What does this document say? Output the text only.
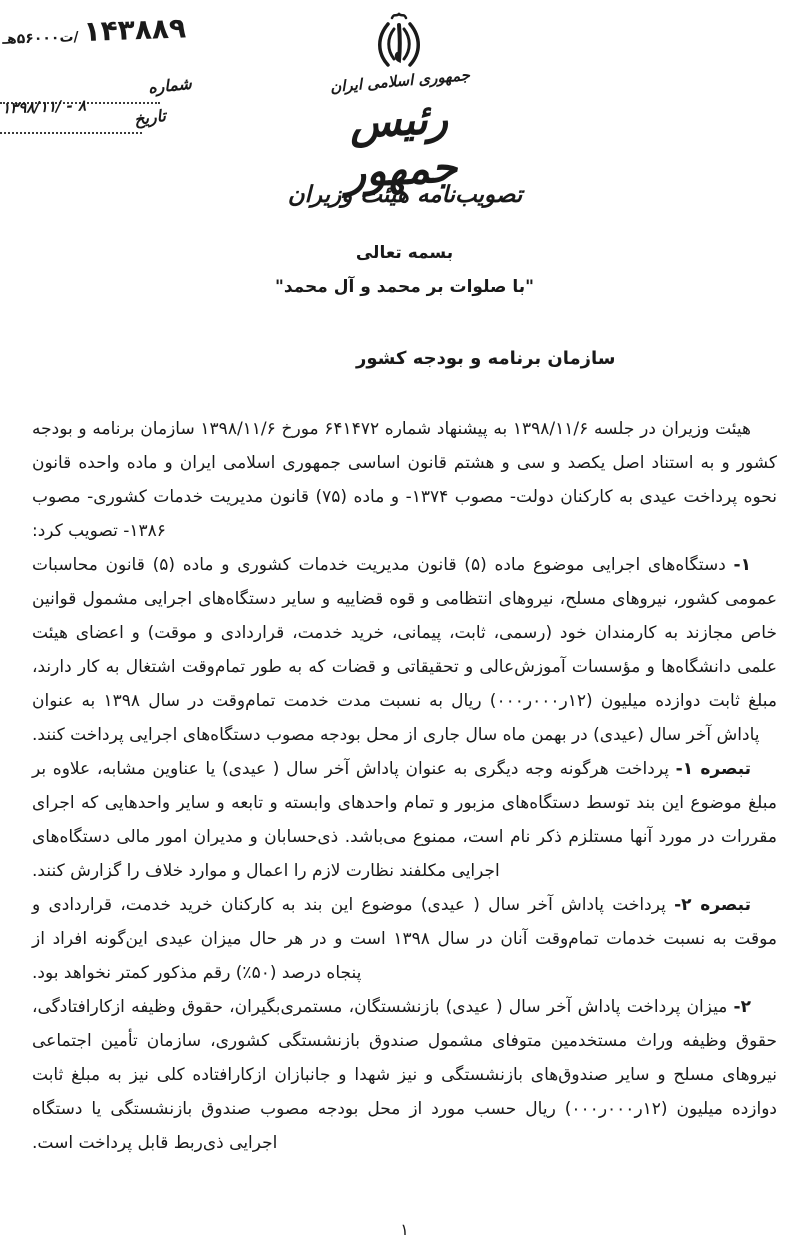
۱۴۳۸۸۹ /ت۵۶۰۰۰هـ
شماره
۱۳۹۸/۱۱/ - ۸	تاریخ
جمهوری اسلامی ایران
رئیس جمهور
تصویب‌نامه هیئت وزیران
بسمه تعالی
"با صلوات بر محمد و آل محمد"
سازمان برنامه و بودجه کشور

هیئت وزیران در جلسه ۱۳۹۸/۱۱/۶ به پیشنهاد شماره ۶۴۱۴۷۲ مورخ ۱۳۹۸/۱۱/۶ سازمان برنامه و بودجه کشور و به استناد اصل یکصد و سی و هشتم قانون اساسی جمهوری اسلامی ایران و ماده واحده قانون نحوه پرداخت عیدی به کارکنان دولت- مصوب ۱۳۷۴- و ماده (۷۵) قانون مدیریت خدمات کشوری- مصوب ۱۳۸۶- تصویب کرد:

۱- دستگاه‌های اجرایی موضوع ماده (۵) قانون مدیریت خدمات کشوری و ماده (۵) قانون محاسبات عمومی کشور، نیروهای مسلح، نیروهای انتظامی و قوه قضاییه و سایر دستگاه‌های اجرایی مشمول قوانین خاص مجازند به کارمندان خود (رسمی، ثابت، پیمانی، خرید خدمت، قراردادی و موقت) و اعضای هیئت علمی دانشگاه‌ها و مؤسسات آموزش‌عالی و تحقیقاتی و قضات که به طور تمام‌وقت اشتغال به کار دارند، مبلغ ثابت دوازده میلیون (۱۲ر۰۰۰ر۰۰۰) ریال به نسبت مدت خدمت تمام‌وقت در سال ۱۳۹۸ به عنوان پاداش آخر سال (عیدی) در بهمن ماه سال جاری از محل بودجه مصوب دستگاه‌های اجرایی پرداخت کنند.

تبصره ۱- پرداخت هرگونه وجه دیگری به عنوان پاداش آخر سال ( عیدی) یا عناوین مشابه، علاوه بر مبلغ موضوع این بند توسط دستگاه‌های مزبور و تمام واحدهای وابسته و تابعه و سایر واحدهایی که اجرای مقررات در مورد آنها مستلزم ذکر نام است، ممنوع می‌باشد. ذی‌حسابان و مدیران امور مالی دستگاه‌های اجرایی مکلفند نظارت لازم را اعمال و موارد خلاف را گزارش کنند.

تبصره ۲- پرداخت پاداش آخر سال ( عیدی) موضوع این بند به کارکنان خرید خدمت، قراردادی و موقت به نسبت خدمات تمام‌وقت آنان در سال ۱۳۹۸ است و در هر حال میزان عیدی این‌گونه افراد از پنجاه درصد (۵۰٪) رقم مذکور کمتر نخواهد بود.

۲- میزان پرداخت پاداش آخر سال ( عیدی) بازنشستگان، مستمری‌بگیران، حقوق وظیفه ازکارافتادگی، حقوق وظیفه وراث مستخدمین متوفای مشمول صندوق بازنشستگی کشوری، سازمان تأمین اجتماعی نیروهای مسلح و سایر صندوق‌های بازنشستگی و نیز شهدا و جانبازان ازکارافتاده کلی نیز به مبلغ ثابت دوازده میلیون (۱۲ر۰۰۰ر۰۰۰) ریال حسب مورد از محل بودجه مصوب صندوق بازنشستگی یا دستگاه اجرایی ذی‌ربط قابل پرداخت است.

۱
